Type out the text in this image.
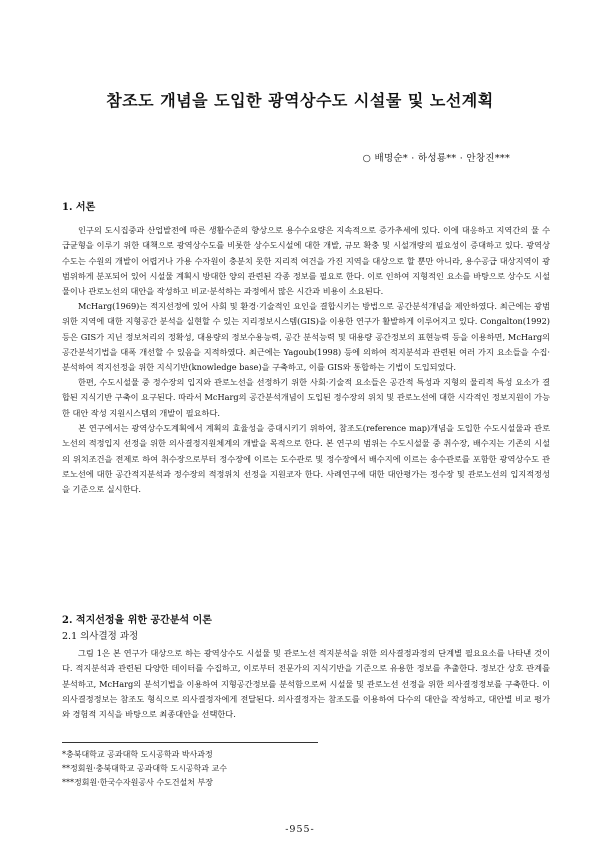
참조도 개념을 도입한 광역상수도 시설물 및 노선계획
○ 배명순* · 하성룡** · 안창진***
1. 서론

인구의 도시집중과 산업발전에 따른 생활수준의 향상으로 용수수요량은 지속적으로 증가추세에 있다. 이에 대응하고 지역간의 물 수급균형을 이루기 위한 대책으로 광역상수도를 비롯한 상수도시설에 대한 개발, 규모 확충 및 시설개량의 필요성이 증대하고 있다. 광역상수도는 수원의 개발이 어렵거나 가용 수자원이 충분치 못한 지리적 여건을 가진 지역을 대상으로 할 뿐만 아니라, 용수공급 대상지역이 광범위하게 분포되어 있어 시설물 계획시 방대한 양의 관련된 각종 정보를 필요로 한다. 이로 인하여 지형적인 요소를 바탕으로 상수도 시설물이나 관로노선의 대안을 작성하고 비교·분석하는 과정에서 많은 시간과 비용이 소요된다.

McHarg(1969)는 적지선정에 있어 사회 및 환경·기술적인 요인을 결합시키는 방법으로 공간분석개념을 제안하였다. 최근에는 광범위한 지역에 대한 지형공간 분석을 실현할 수 있는 지리정보시스템(GIS)을 이용한 연구가 활발하게 이루어지고 있다. Congalton(1992) 등은 GIS가 지닌 정보처리의 정확성, 대용량의 정보수용능력, 공간 분석능력 및 대용량 공간정보의 표현능력 등을 이용하면, McHarg의 공간분석기법을 대폭 개선할 수 있음을 지적하였다. 최근에는 Yagoub(1998) 등에 의하여 적지분석과 관련된 여러 가지 요소들을 수집·분석하여 적지선정을 위한 지식기반(knowledge base)을 구축하고, 이를 GIS와 통합하는 기법이 도입되었다.

한편, 수도시설물 중 정수장의 입지와 관로노선을 선정하기 위한 사회·기술적 요소들은 공간적 특성과 지형의 물리적 특성 요소가 결합된 지식기반 구축이 요구된다. 따라서 McHarg의 공간분석개념이 도입된 정수장의 위치 및 관로노선에 대한 시각적인 정보지원이 가능한 대안 작성 지원시스템의 개발이 필요하다.

본 연구에서는 광역상수도계획에서 계획의 효율성을 증대시키기 위하여, 참조도(reference map)개념을 도입한 수도시설물과 관로노선의 적정입지 선정을 위한 의사결정지원체계의 개발을 목적으로 한다. 본 연구의 범위는 수도시설물 중 취수장, 배수지는 기존의 시설의 위치조건을 전제로 하여 취수장으로부터 정수장에 이르는 도수관로 및 정수장에서 배수지에 이르는 송수관로를 포함한 광역상수도 관로노선에 대한 공간적지분석과 정수장의 적정위치 선정을 지원코자 한다. 사례연구에 대한 대안평가는 정수장 및 관로노선의 입지적정성을 기준으로 실시한다.

2. 적지선정을 위한 공간분석 이론
2.1 의사결정 과정

그림 1은 본 연구가 대상으로 하는 광역상수도 시설물 및 관로노선 적지분석을 위한 의사결정과정의 단계별 필요요소를 나타낸 것이다. 적지분석과 관련된 다양한 데이터를 수집하고, 이로부터 전문가의 지식기반을 기준으로 유용한 정보를 추출한다. 정보간 상호 관계를 분석하고, McHarg의 분석기법을 이용하여 지형공간정보를 분석함으로써 시설물 및 관로노선 선정을 위한 의사결정정보를 구축한다. 이 의사결정정보는 참조도 형식으로 의사결정자에게 전달된다. 의사결정자는 참조도를 이용하여 다수의 대안을 작성하고, 대안별 비교 평가와 경험적 지식을 바탕으로 최종대안을 선택한다.

*충북대학교 공과대학 도시공학과 박사과정
**정회원·충북대학교 공과대학 도시공학과 교수
***정회원·한국수자원공사 수도건설처 부장
-955-
